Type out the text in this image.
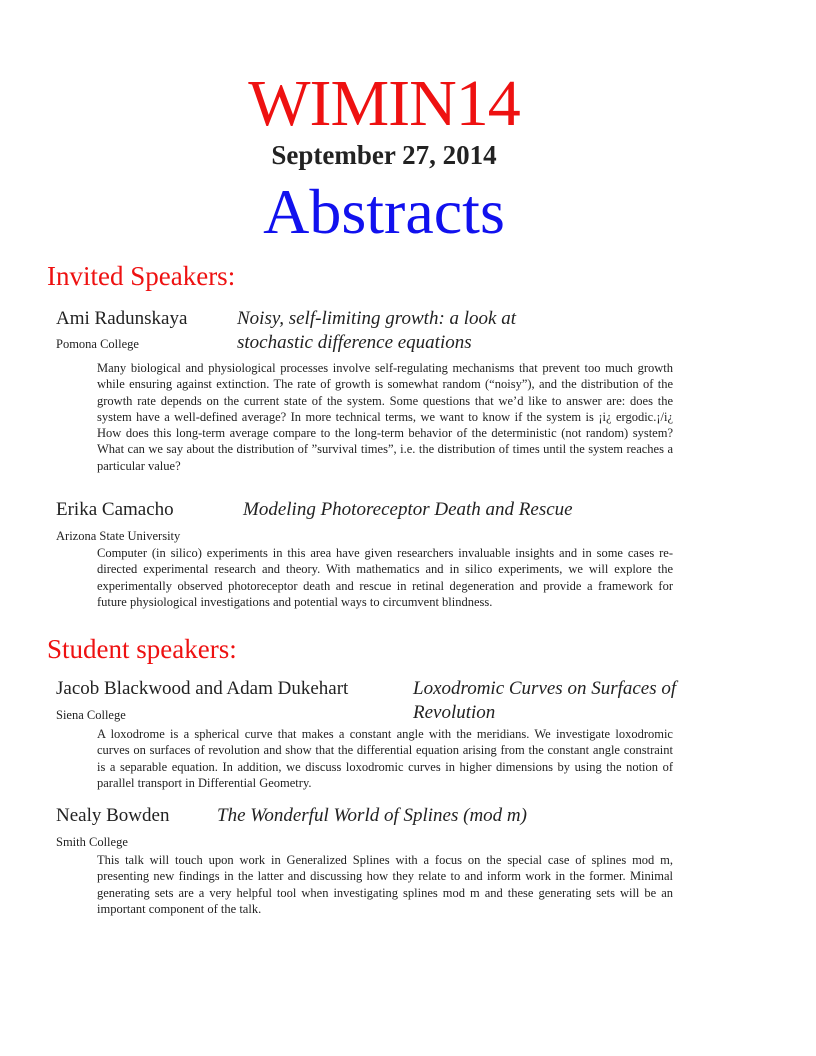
WIMIN14
September 27, 2014
Abstracts
Invited Speakers:
Ami Radunskaya	Noisy, self-limiting growth: a look at stochastic difference equations
Pomona College

Many biological and physiological processes involve self-regulating mechanisms that prevent too much growth while ensuring against extinction. The rate of growth is somewhat random (“noisy”), and the distribution of the growth rate depends on the current state of the system. Some questions that we’d like to answer are: does the system have a well-defined average? In more technical terms, we want to know if the system is ¡i¿ ergodic.¡/i¿ How does this long-term average compare to the long-term behavior of the deterministic (not random) system? What can we say about the distribution of ”survival times”, i.e. the distribution of times until the system reaches a particular value?

Erika Camacho	Modeling Photoreceptor Death and Rescue
Arizona State University

Computer (in silico) experiments in this area have given researchers invaluable insights and in some cases re-directed experimental research and theory. With mathematics and in silico experiments, we will explore the experimentally observed photoreceptor death and rescue in retinal degeneration and provide a framework for future physiological investigations and potential ways to circumvent blindness.

Student speakers:
Jacob Blackwood and Adam Dukehart	Loxodromic Curves on Surfaces of Revolution
Siena College

A loxodrome is a spherical curve that makes a constant angle with the meridians. We investigate loxodromic curves on surfaces of revolution and show that the differential equation arising from the constant angle constraint is a separable equation. In addition, we discuss loxodromic curves in higher dimensions by using the notion of parallel transport in Differential Geometry.

Nealy Bowden	The Wonderful World of Splines (mod m)
Smith College

This talk will touch upon work in Generalized Splines with a focus on the special case of splines mod m, presenting new findings in the latter and discussing how they relate to and inform work in the former. Minimal generating sets are a very helpful tool when investigating splines mod m and these generating sets will be an important component of the talk.
